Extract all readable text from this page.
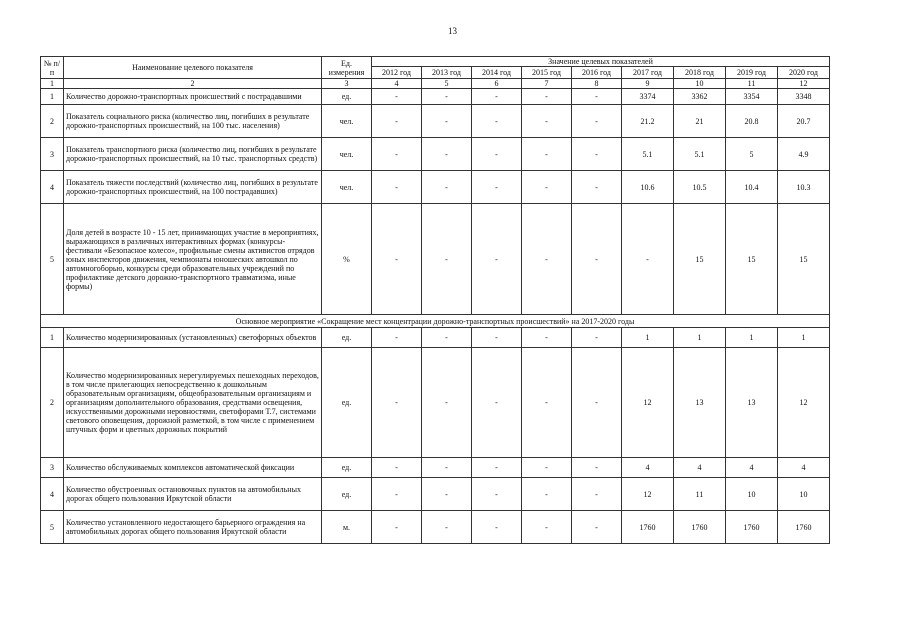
13
№ п/п	Наименование целевого показателя	Ед. измерения	Значение целевых показателей								
			2012 год	2013 год	2014 год	2015 год	2016 год	2017 год	2018 год	2019 год	2020 год
1	2	3	4	5	6	7	8	9	10	11	12
1	Количество дорожно-транспортных происшествий с пострадавшими	ед.	-	-	-	-	-	3374	3362	3354	3348
2	Показатель социального риска (количество лиц, погибших в результате дорожно-транспортных происшествий, на 100 тыс. населения)	чел.	-	-	-	-	-	21.2	21	20.8	20.7
3	Показатель транспортного риска (количество лиц, погибших в результате дорожно-транспортных происшествий, на 10 тыс. транспортных средств)	чел.	-	-	-	-	-	5.1	5.1	5	4.9
4	Показатель тяжести последствий (количество лиц, погибших в результате дорожно-транспортных происшествий, на 100 пострадавших)	чел.	-	-	-	-	-	10.6	10.5	10.4	10.3
5	Доля детей в возрасте 10 - 15 лет, принимающих участие в мероприятиях, выражающихся в различных интерактивных формах (конкурсы-фестивали «Безопасное колесо», профильные смены активистов отрядов юных инспекторов движения, чемпионаты юношеских автошкол по автомногоборью, конкурсы среди образовательных учреждений по профилактике детского дорожно-транспортного травматизма, иные формы)	%	-	-	-	-	-	-	15	15	15
Основное мероприятие «Сокращение мест концентрации дорожно-транспортных происшествий» на 2017-2020 годы											
1	Количество модернизированных (установленных) светофорных объектов	ед.	-	-	-	-	-	1	1	1	1
2	Количество модернизированных нерегулируемых пешеходных переходов, в том числе прилегающих непосредственно к дошкольным образовательным организациям, общеобразовательным организациям и организациям дополнительного образования, средствами освещения, искусственными дорожными неровностями, светофорами Т.7, системами светового оповещения, дорожной разметкой, в том числе с применением штучных форм и цветных дорожных покрытий	ед.	-	-	-	-	-	12	13	13	12
3	Количество обслуживаемых комплексов автоматической фиксации	ед.	-	-	-	-	-	4	4	4	4
4	Количество обустроенных остановочных пунктов на автомобильных дорогах общего пользования Иркутской области	ед.	-	-	-	-	-	12	11	10	10
5	Количество установленного недостающего барьерного ограждения на автомобильных дорогах общего пользования Иркутской области	м.	-	-	-	-	-	1760	1760	1760	1760
